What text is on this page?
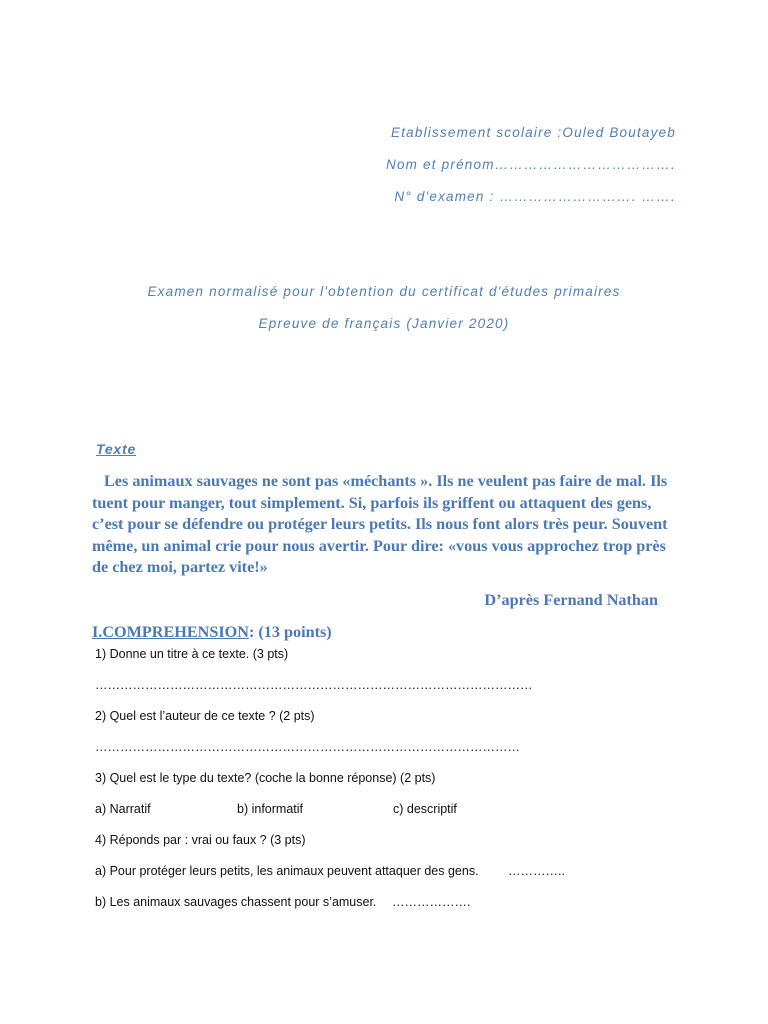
Etablissement scolaire :Ouled Boutayeb
Nom et prénom……………………………….
N° d'examen : ………………………. …….
Examen normalisé pour l'obtention du certificat d'études primaires
Epreuve de français (Janvier 2020)
Texte

Les animaux sauvages ne sont pas «méchants ». Ils ne veulent pas faire de mal. Ils tuent pour manger, tout simplement. Si, parfois ils griffent ou attaquent des gens, c’est pour se défendre ou protéger leurs petits. Ils nous font alors très peur. Souvent même, un animal crie pour nous avertir. Pour dire: «vous vous approchez trop près de chez moi, partez vite!»

D’après Fernand Nathan
I.COMPREHENSION: (13 points)
1) Donne un titre à ce texte. (3 pts)
……………………………………………………………………………………………
2) Quel est l’auteur de ce texte ? (2 pts)
…………………………………………………………………………………………
3) Quel est le type du texte? (coche la bonne réponse) (2 pts)
a) Narratif	b) informatif	c) descriptif
4) Réponds par : vrai ou faux ? (3 pts)
a) Pour protéger leurs petits, les animaux peuvent attaquer des gens. …………..
b) Les animaux sauvages chassent pour s’amuser. ……………….
